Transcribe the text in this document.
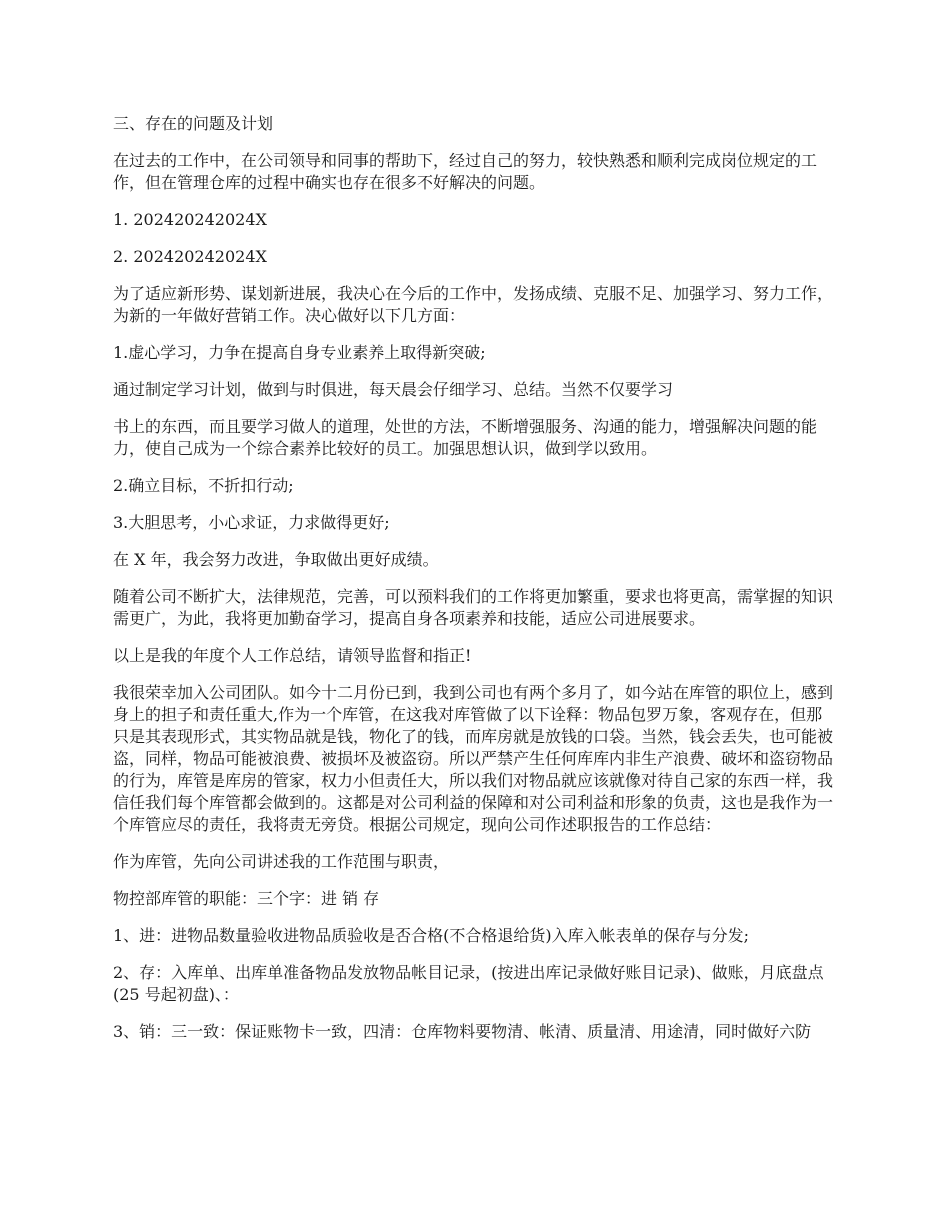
三、存在的问题及计划

在过去的工作中，在公司领导和同事的帮助下，经过自己的努力，较快熟悉和顺利完成岗位规定的工作，但在管理仓库的过程中确实也存在很多不好解决的问题。

1. 202420242024X

2. 202420242024X

为了适应新形势、谋划新进展，我决心在今后的工作中，发扬成绩、克服不足、加强学习、努力工作，为新的一年做好营销工作。决心做好以下几方面：

1.虚心学习，力争在提高自身专业素养上取得新突破;

通过制定学习计划，做到与时俱进，每天晨会仔细学习、总结。当然不仅要学习

书上的东西，而且要学习做人的道理，处世的方法，不断增强服务、沟通的能力，增强解决问题的能力，使自己成为一个综合素养比较好的员工。加强思想认识，做到学以致用。

2.确立目标，不折扣行动;

3.大胆思考，小心求证，力求做得更好;

在 X 年，我会努力改进，争取做出更好成绩。

随着公司不断扩大，法律规范，完善，可以预料我们的工作将更加繁重，要求也将更高，需掌握的知识需更广，为此，我将更加勤奋学习，提高自身各项素养和技能，适应公司进展要求。

以上是我的年度个人工作总结，请领导监督和指正!

我很荣幸加入公司团队。如今十二月份已到，我到公司也有两个多月了，如今站在库管的职位上，感到身上的担子和责任重大,作为一个库管，在这我对库管做了以下诠释：物品包罗万象，客观存在，但那只是其表现形式，其实物品就是钱，物化了的钱，而库房就是放钱的口袋。当然，钱会丢失，也可能被盗，同样，物品可能被浪费、被损坏及被盗窃。所以严禁产生任何库库内非生产浪费、破坏和盗窃物品的行为，库管是库房的管家，权力小但责任大，所以我们对物品就应该就像对待自己家的东西一样，我信任我们每个库管都会做到的。这都是对公司利益的保障和对公司利益和形象的负责，这也是我作为一个库管应尽的责任，我将责无旁贷。根据公司规定，现向公司作述职报告的工作总结：

作为库管，先向公司讲述我的工作范围与职责，

物控部库管的职能：三个字：进 销 存

1、进：进物品数量验收进物品质验收是否合格(不合格退给货)入库入帐表单的保存与分发;

2、存：入库单、出库单准备物品发放物品帐目记录，(按进出库记录做好账目记录)、做账，月底盘点(25 号起初盘)、：

3、销：三一致：保证账物卡一致，四清：仓库物料要物清、帐清、质量清、用途清，同时做好六防
